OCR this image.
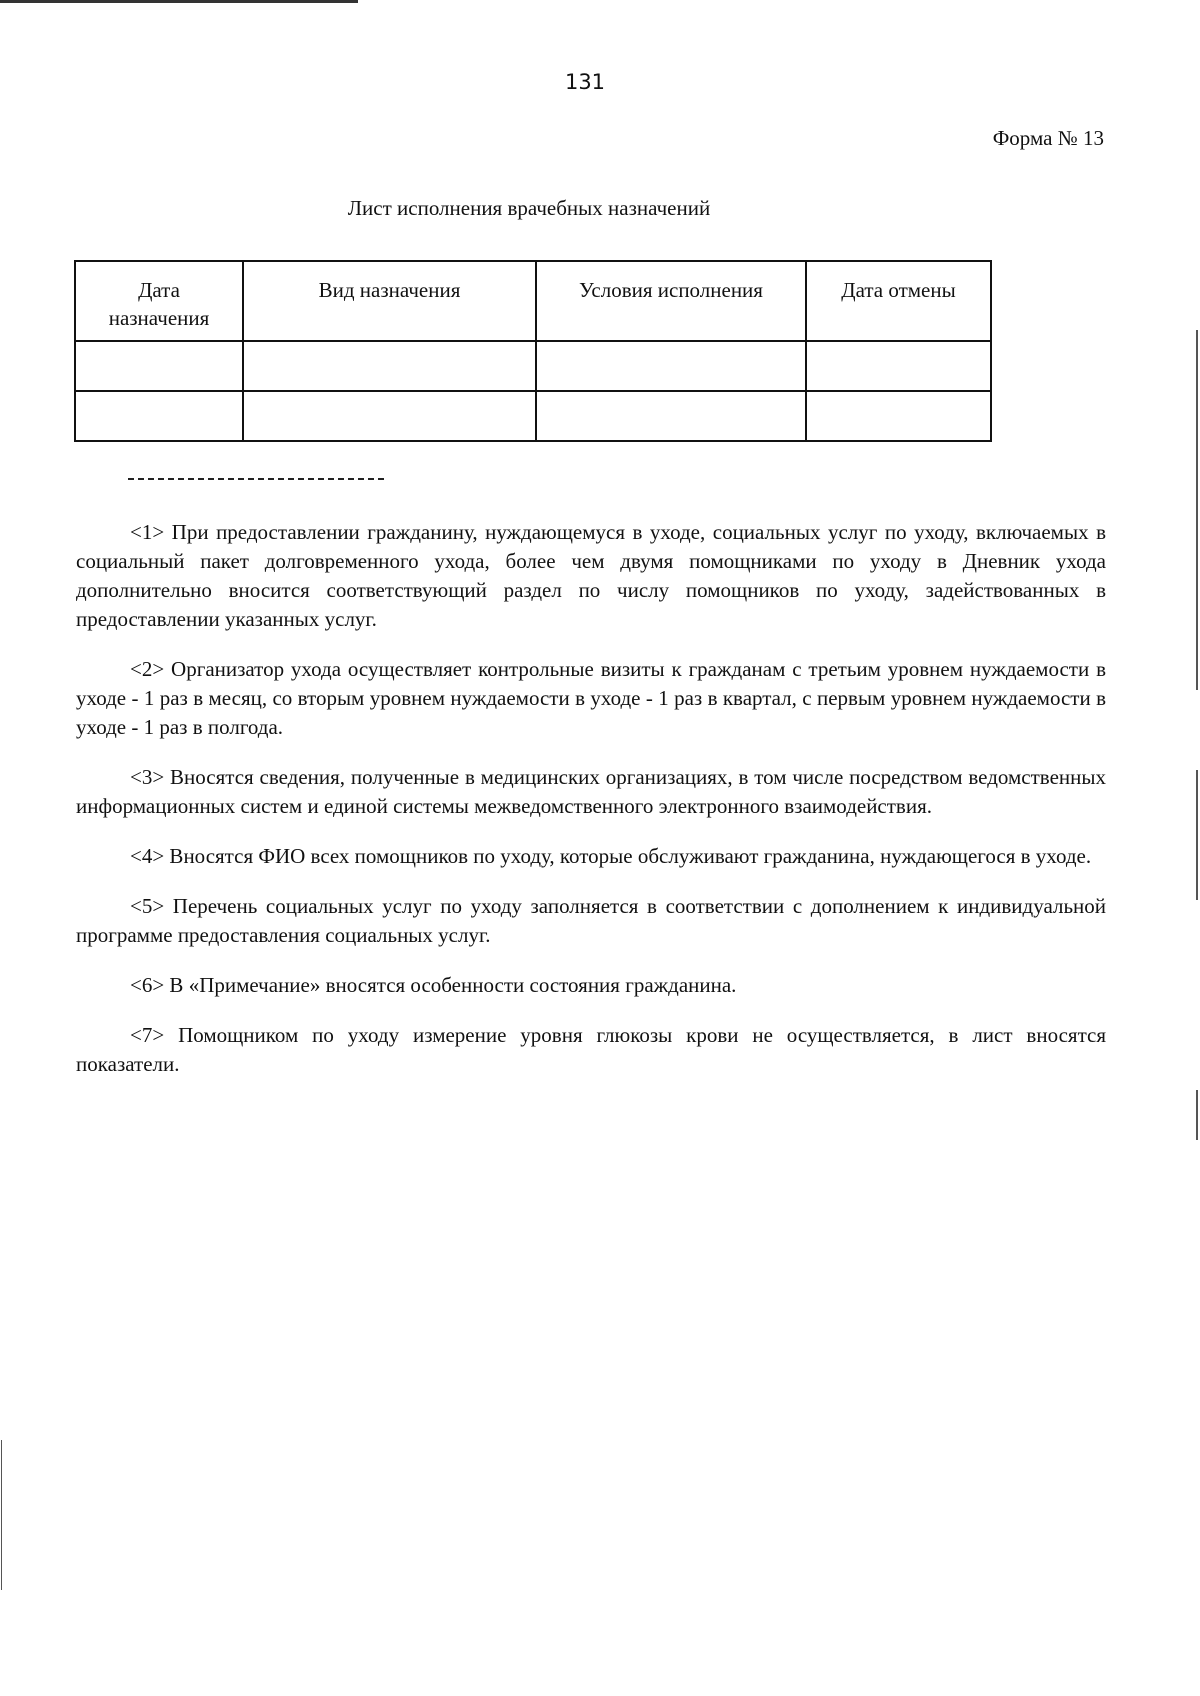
131
Форма № 13
Лист исполнения врачебных назначений
Дата назначения	Вид назначения	Условия исполнения	Дата отмены

<1> При предоставлении гражданину, нуждающемуся в уходе, социальных услуг по уходу, включаемых в социальный пакет долговременного ухода, более чем двумя помощниками по уходу в Дневник ухода дополнительно вносится соответствующий раздел по числу помощников по уходу, задействованных в предоставлении указанных услуг.

<2> Организатор ухода осуществляет контрольные визиты к гражданам с третьим уровнем нуждаемости в уходе - 1 раз в месяц, со вторым уровнем нуждаемости в уходе - 1 раз в квартал, с первым уровнем нуждаемости в уходе - 1 раз в полгода.

<3> Вносятся сведения, полученные в медицинских организациях, в том числе посредством ведомственных информационных систем и единой системы межведомственного электронного взаимодействия.

<4> Вносятся ФИО всех помощников по уходу, которые обслуживают гражданина, нуждающегося в уходе.

<5> Перечень социальных услуг по уходу заполняется в соответствии с дополнением к индивидуальной программе предоставления социальных услуг.

<6> В «Примечание» вносятся особенности состояния гражданина.

<7> Помощником по уходу измерение уровня глюкозы крови не осуществляется, в лист вносятся показатели.
